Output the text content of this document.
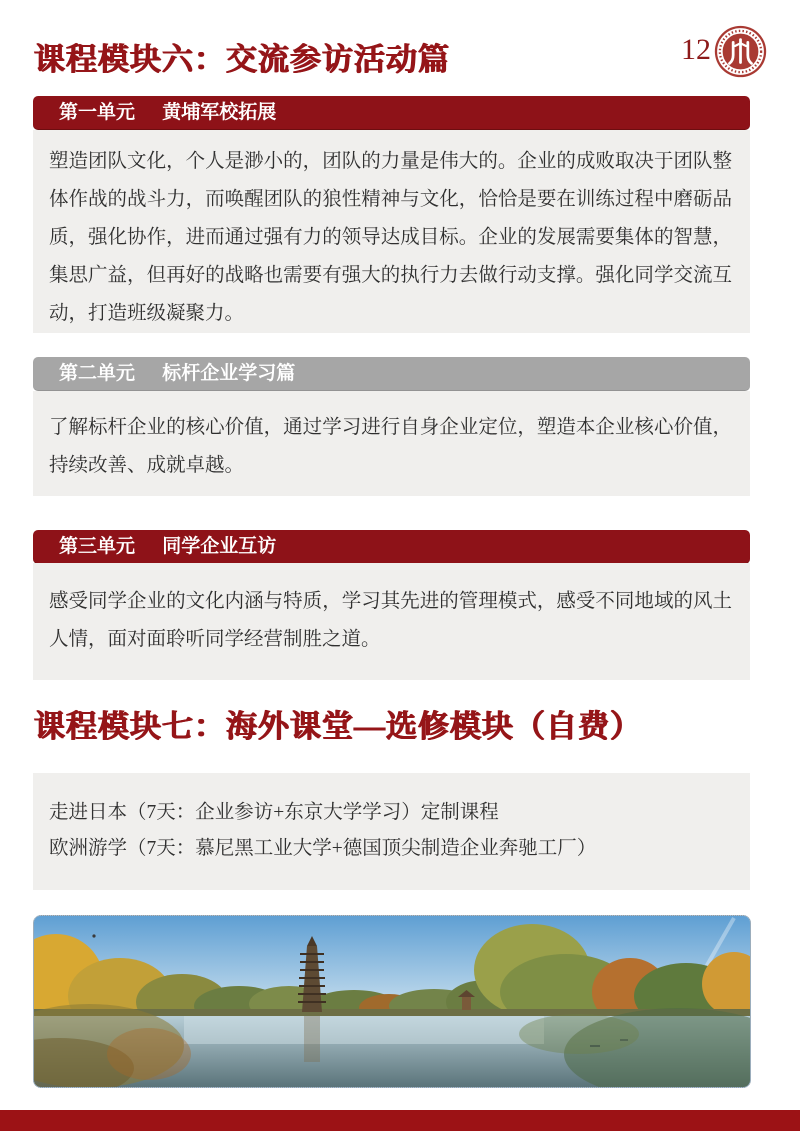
课程模块六：交流参访活动篇	12
第一单元 黄埔军校拓展

塑造团队文化，个人是渺小的，团队的力量是伟大的。企业的成败取决于团队整体作战的战斗力，而唤醒团队的狼性精神与文化，恰恰是要在训练过程中磨砺品质，强化协作，进而通过强有力的领导达成目标。企业的发展需要集体的智慧，集思广益，但再好的战略也需要有强大的执行力去做行动支撑。强化同学交流互动，打造班级凝聚力。

第二单元 标杆企业学习篇

了解标杆企业的核心价值，通过学习进行自身企业定位，塑造本企业核心价值，持续改善、成就卓越。

第三单元 同学企业互访

感受同学企业的文化内涵与特质，学习其先进的管理模式，感受不同地域的风土人情，面对面聆听同学经营制胜之道。

课程模块七：海外课堂—选修模块（自费）
走进日本（7天：企业参访+东京大学学习）定制课程
欧洲游学（7天：慕尼黑工业大学+德国顶尖制造企业奔驰工厂）
